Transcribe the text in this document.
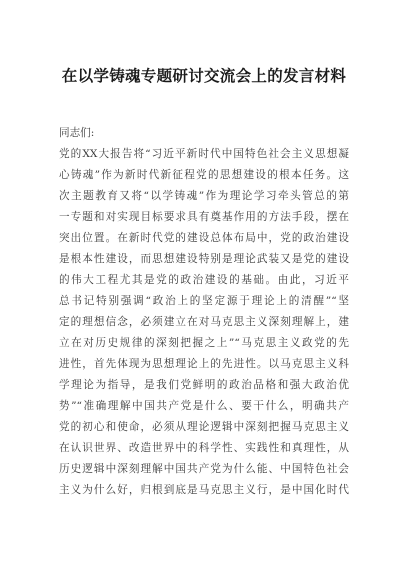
在以学铸魂专题研讨交流会上的发言材料
同志们:
党的XX大报告将“习近平新时代中国特色社会主义思想凝
心铸魂”作为新时代新征程党的思想建设的根本任务。这
次主题教育又将“以学铸魂”作为理论学习牵头管总的第
一专题和对实现目标要求具有奠基作用的方法手段，摆在
突出位置。在新时代党的建设总体布局中，党的政治建设
是根本性建设，而思想建设特别是理论武装又是党的建设
的伟大工程尤其是党的政治建设的基础。由此，习近平
总书记特别强调“政治上的坚定源于理论上的清醒”“坚
定的理想信念，必须建立在对马克思主义深刻理解上，建
立在对历史规律的深刻把握之上”“马克思主义政党的先
进性，首先体现为思想理论上的先进性。以马克思主义科
学理论为指导，是我们党鲜明的政治品格和强大政治优
势”“准确理解中国共产党是什么、要干什么，明确共产
党的初心和使命，必须从理论逻辑中深刻把握马克思主义
在认识世界、改造世界中的科学性、实践性和真理性，从
历史逻辑中深刻理解中国共产党为什么能、中国特色社会
主义为什么好，归根到底是马克思主义行，是中国化时代
